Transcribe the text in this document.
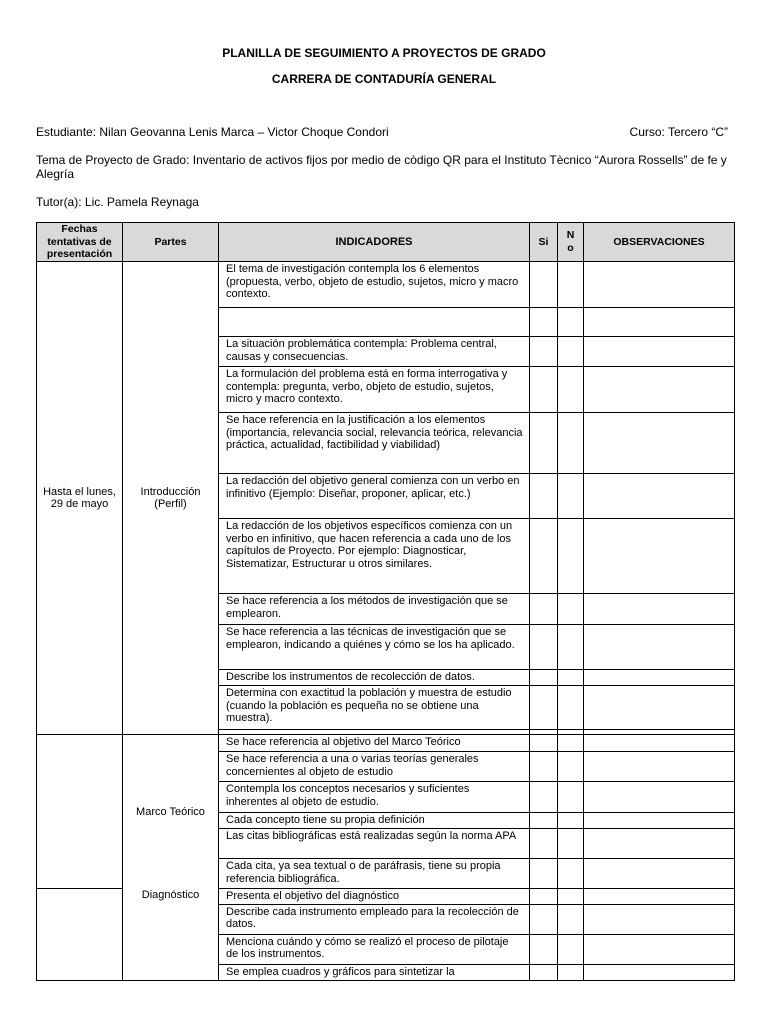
PLANILLA DE SEGUIMIENTO A PROYECTOS DE GRADO
CARRERA DE CONTADURÍA GENERAL
Estudiante: Nilan Geovanna Lenis Marca – Victor Choque Condori	Curso: Tercero “C”
Tema de Proyecto de Grado: Inventario de activos fijos por medio de còdigo QR para el Instituto Tècnico “Aurora Rossells” de fe y Alegría
Tutor(a): Lic. Pamela Reynaga
Fechas tentativas de presentación	Partes	INDICADORES	Si	No	OBSERVACIONES
Hasta el lunes, 29 de mayo	Introducción (Perfil)	El tema de investigación contempla los 6 elementos (propuesta, verbo, objeto de estudio, sujetos, micro y macro contexto.			

		La situación problemática contempla: Problema central, causas y consecuencias.			
		La formulación del problema está en forma interrogativa y contempla: pregunta, verbo, objeto de estudio, sujetos, micro y macro contexto.			
		Se hace referencia en la justificación a los elementos (importancia, relevancia social, relevancia teórica, relevancia práctica, actualidad, factibilidad y viabilidad)			
		La redacción del objetivo general comienza con un verbo en infinitivo (Ejemplo: Diseñar, proponer, aplicar, etc.)			
		La redacción de los objetivos específicos comienza con un verbo en infinitivo, que hacen referencia a cada uno de los capítulos de Proyecto. Por ejemplo: Diagnosticar, Sistematizar, Estructurar u otros similares.			
		Se hace referencia a los métodos de investigación que se emplearon.			
		Se hace referencia a las técnicas de investigación que se emplearon, indicando a quiénes y cómo se los ha aplicado.			
		Describe los instrumentos de recolección de datos.			
		Determina con exactitud la población y muestra de estudio (cuando la población es pequeña no se obtiene una muestra).			

	Marco Teórico	Se hace referencia al objetivo del Marco Teórico			
		Se hace referencia a una o varias teorías generales concernientes al objeto de estudio			
		Contempla los conceptos necesarios y suficientes inherentes al objeto de estudio.			
		Cada concepto tiene su propia definición			
		Las citas bibliográficas está realizadas según la norma APA			
		Cada cita, ya sea textual o de paráfrasis, tiene su propia referencia bibliográfica.			
	Diagnóstico	Presenta el objetivo del diagnóstico			
		Describe cada instrumento empleado para la recolección de datos.			
		Menciona cuándo y cómo se realizó el proceso de pilotaje de los instrumentos.			
		Se emplea cuadros y gráficos para sintetizar la			
